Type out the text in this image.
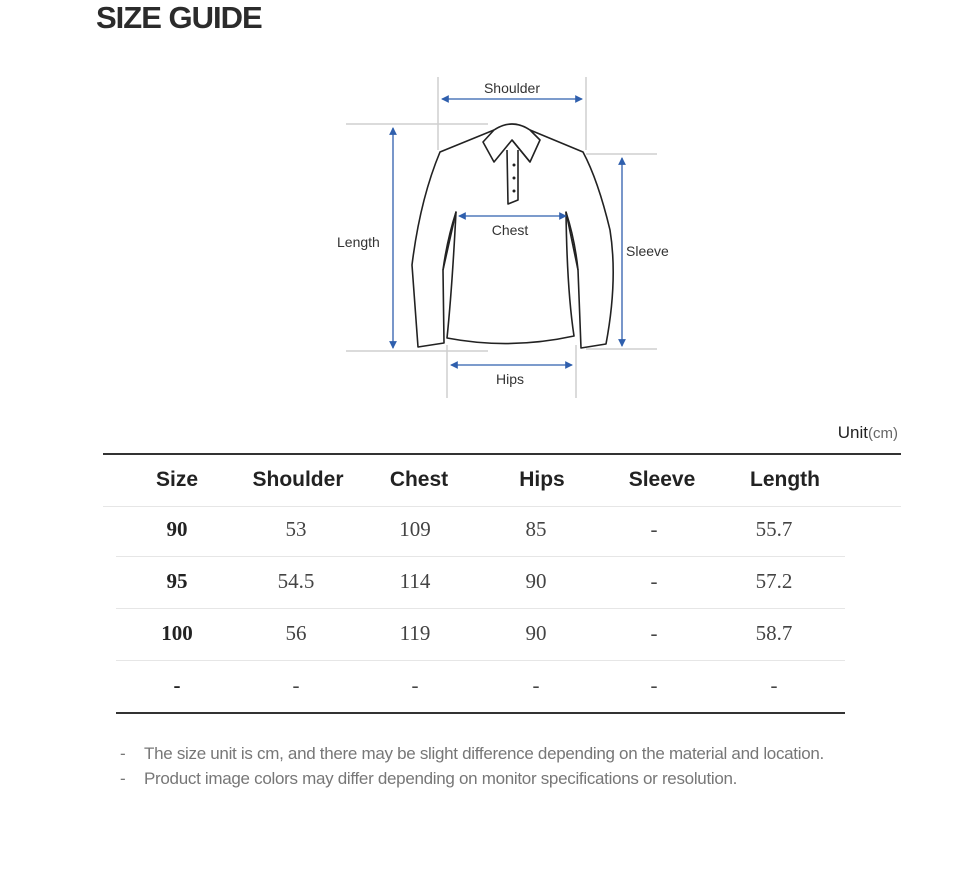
SIZE GUIDE
Shoulder
Length
Chest
Sleeve
Hips
Unit(cm)
Size	Shoulder	Chest	Hips	Sleeve	Length
90	53	109	85	-	55.7
95	54.5	114	90	-	57.2
100	56	119	90	-	58.7
-	-	-	-	-	-
- The size unit is cm, and there may be slight difference depending on the material and location.
- Product image colors may differ depending on monitor specifications or resolution.
